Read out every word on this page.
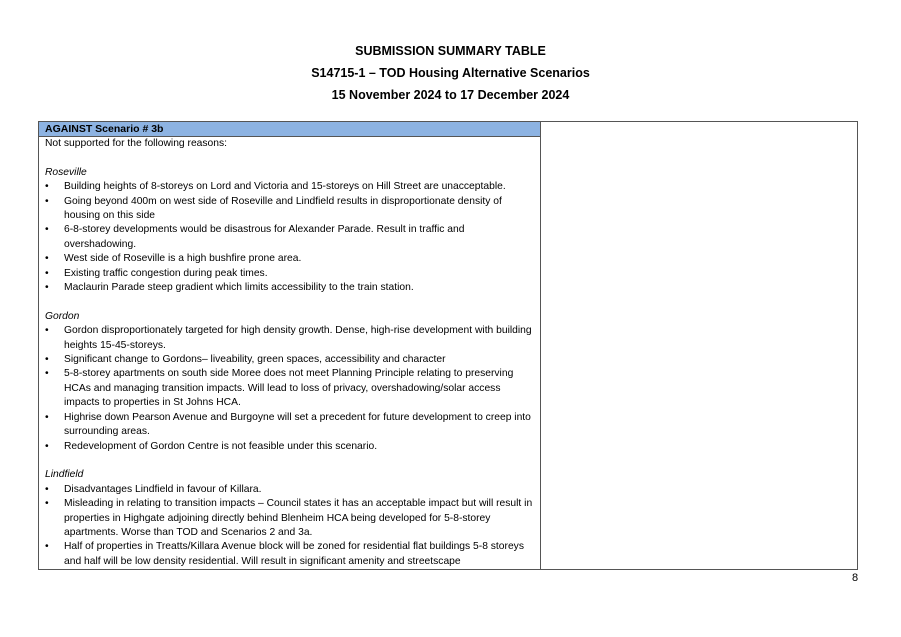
SUBMISSION SUMMARY TABLE
S14715-1 – TOD Housing Alternative Scenarios
15 November 2024 to 17 December 2024
AGAINST Scenario # 3b
Not supported for the following reasons:
Roseville
• Building heights of 8-storeys on Lord and Victoria and 15-storeys on Hill Street are unacceptable.
• Going beyond 400m on west side of Roseville and Lindfield results in disproportionate density of housing on this side
• 6-8-storey developments would be disastrous for Alexander Parade. Result in traffic and overshadowing.
• West side of Roseville is a high bushfire prone area.
• Existing traffic congestion during peak times.
• Maclaurin Parade steep gradient which limits accessibility to the train station.
Gordon
• Gordon disproportionately targeted for high density growth. Dense, high-rise development with building heights 15-45-storeys.
• Significant change to Gordons– liveability, green spaces, accessibility and character
• 5-8-storey apartments on south side Moree does not meet Planning Principle relating to preserving HCAs and managing transition impacts. Will lead to loss of privacy, overshadowing/solar access impacts to properties in St Johns HCA.
• Highrise down Pearson Avenue and Burgoyne will set a precedent for future development to creep into surrounding areas.
• Redevelopment of Gordon Centre is not feasible under this scenario.
Lindfield
• Disadvantages Lindfield in favour of Killara.
• Misleading in relating to transition impacts – Council states it has an acceptable impact but will result in properties in Highgate adjoining directly behind Blenheim HCA being developed for 5-8-storey apartments. Worse than TOD and Scenarios 2 and 3a.
• Half of properties in Treatts/Killara Avenue block will be zoned for residential flat buildings 5-8 storeys and half will be low density residential. Will result in significant amenity and streetscape
8
